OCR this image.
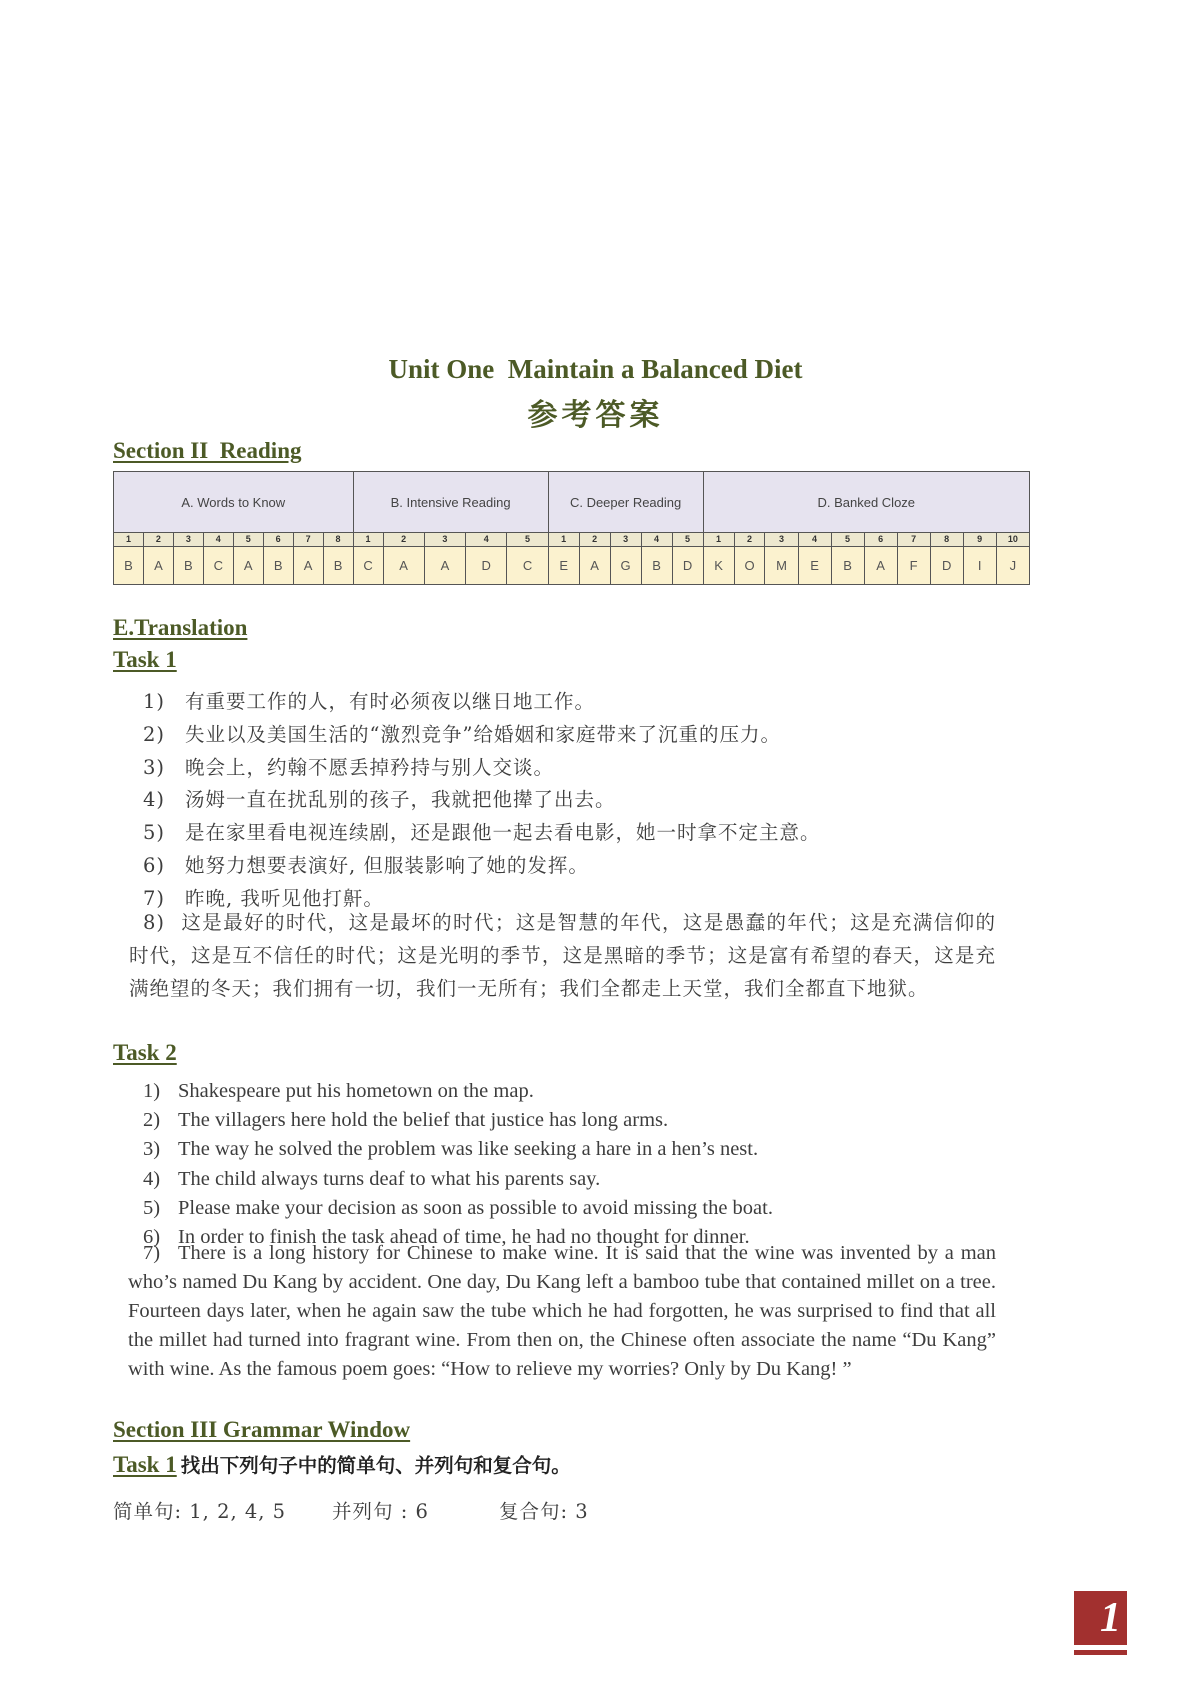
Unit One  Maintain a Balanced Diet
参考答案
Section II  Reading
A. Words to Know								B. Intensive Reading					C. Deeper Reading					D. Banked Cloze									
1	2	3	4	5	6	7	8	1	2	3	4	5	1	2	3	4	5	1	2	3	4	5	6	7	8	9	10
B	A	B	C	A	B	A	B	C	A	A	D	C	E	A	G	B	D	K	O	M	E	B	A	F	D	I	J
E.Translation
Task 1
1) 有重要工作的人，有时必须夜以继日地工作。
2) 失业以及美国生活的“激烈竞争”给婚姻和家庭带来了沉重的压力。
3) 晚会上，约翰不愿丢掉矜持与别人交谈。
4) 汤姆一直在扰乱别的孩子，我就把他撵了出去。
5) 是在家里看电视连续剧，还是跟他一起去看电影，她一时拿不定主意。
6) 她努力想要表演好, 但服装影响了她的发挥。
7) 昨晚, 我听见他打鼾。
8) 这是最好的时代，这是最坏的时代；这是智慧的年代，这是愚蠢的年代；这是充满信仰的时代，这是互不信任的时代；这是光明的季节，这是黑暗的季节；这是富有希望的春天，这是充满绝望的冬天；我们拥有一切，我们一无所有；我们全都走上天堂，我们全都直下地狱。
Task 2
1) Shakespeare put his hometown on the map.
2) The villagers here hold the belief that justice has long arms.
3) The way he solved the problem was like seeking a hare in a hen’s nest.
4) The child always turns deaf to what his parents say.
5) Please make your decision as soon as possible to avoid missing the boat.
6) In order to finish the task ahead of time, he had no thought for dinner.
7) There is a long history for Chinese to make wine. It is said that the wine was invented by a man who’s named Du Kang by accident. One day, Du Kang left a bamboo tube that contained millet on a tree. Fourteen days later, when he again saw the tube which he had forgotten, he was surprised to find that all the millet had turned into fragrant wine. From then on, the Chinese often associate the name “Du Kang” with wine. As the famous poem goes: “How to relieve my worries? Only by Du Kang! ”
Section III Grammar Window
Task 1 找出下列句子中的简单句、并列句和复合句。
简单句: 1, 2, 4, 5 并列句 : 6	复合句: 3
1
